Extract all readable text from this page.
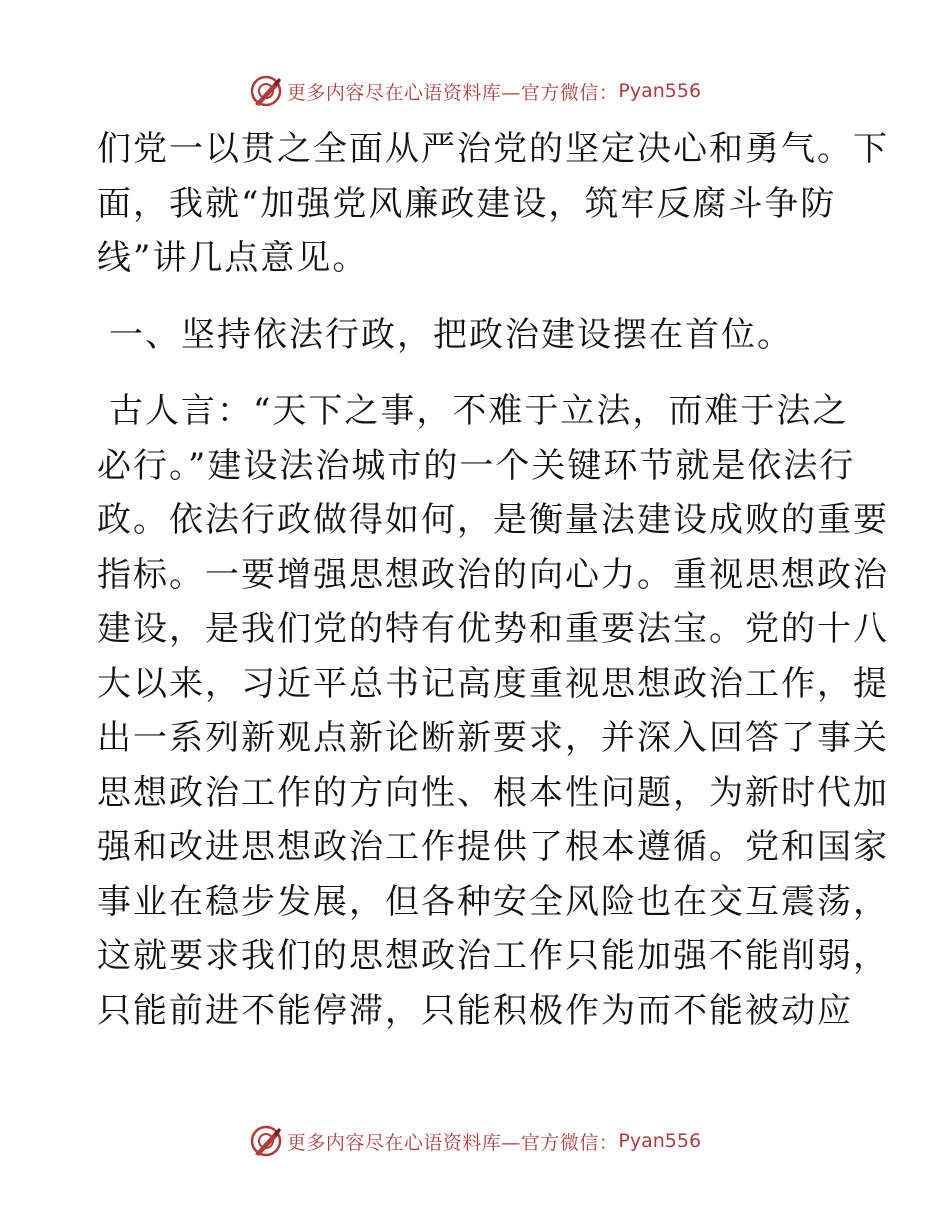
更多内容尽在心语资料库—官方微信： Pyan556
们党一以贯之全面从严治党的坚定决心和勇气。下
面，我就“加强党风廉政建设，筑牢反腐斗争防
线”讲几点意见。
一、坚持依法行政，把政治建设摆在首位。
古人言：“天下之事，不难于立法，而难于法之
必行。”建设法治城市的一个关键环节就是依法行
政。依法行政做得如何，是衡量法建设成败的重要
指标。一要增强思想政治的向心力。重视思想政治
建设，是我们党的特有优势和重要法宝。党的十八
大以来，习近平总书记高度重视思想政治工作，提
出一系列新观点新论断新要求，并深入回答了事关
思想政治工作的方向性、根本性问题，为新时代加
强和改进思想政治工作提供了根本遵循。党和国家
事业在稳步发展，但各种安全风险也在交互震荡，
这就要求我们的思想政治工作只能加强不能削弱，
只能前进不能停滞，只能积极作为而不能被动应
更多内容尽在心语资料库—官方微信： Pyan556
